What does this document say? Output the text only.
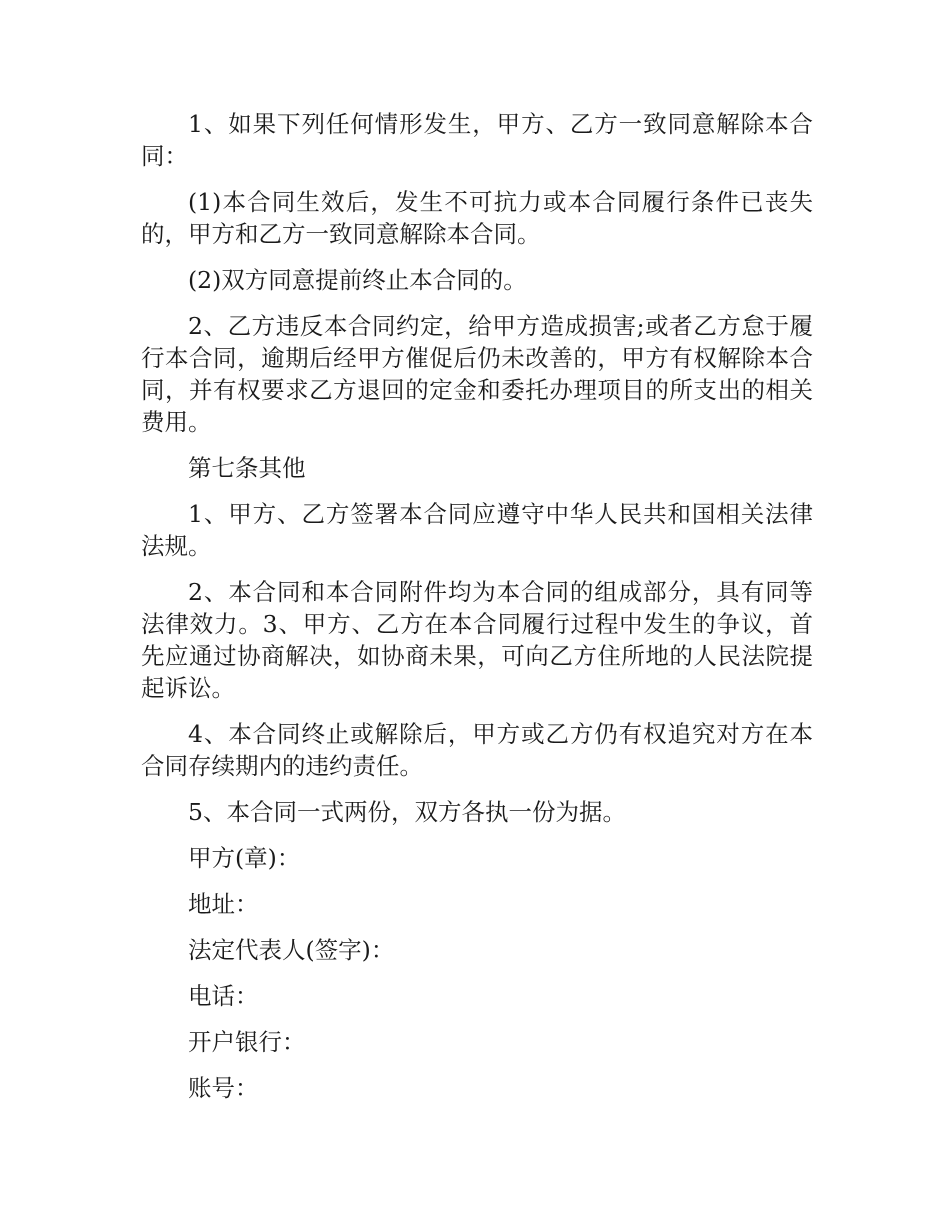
1、如果下列任何情形发生，甲方、乙方一致同意解除本合同：

(1)本合同生效后，发生不可抗力或本合同履行条件已丧失的，甲方和乙方一致同意解除本合同。

(2)双方同意提前终止本合同的。

2、乙方违反本合同约定，给甲方造成损害;或者乙方怠于履行本合同，逾期后经甲方催促后仍未改善的，甲方有权解除本合同，并有权要求乙方退回的定金和委托办理项目的所支出的相关费用。

第七条其他

1、甲方、乙方签署本合同应遵守中华人民共和国相关法律法规。

2、本合同和本合同附件均为本合同的组成部分，具有同等法律效力。3、甲方、乙方在本合同履行过程中发生的争议，首先应通过协商解决，如协商未果，可向乙方住所地的人民法院提起诉讼。

4、本合同终止或解除后，甲方或乙方仍有权追究对方在本合同存续期内的违约责任。

5、本合同一式两份，双方各执一份为据。

甲方(章)：

地址：

法定代表人(签字)：

电话：

开户银行：

账号：
